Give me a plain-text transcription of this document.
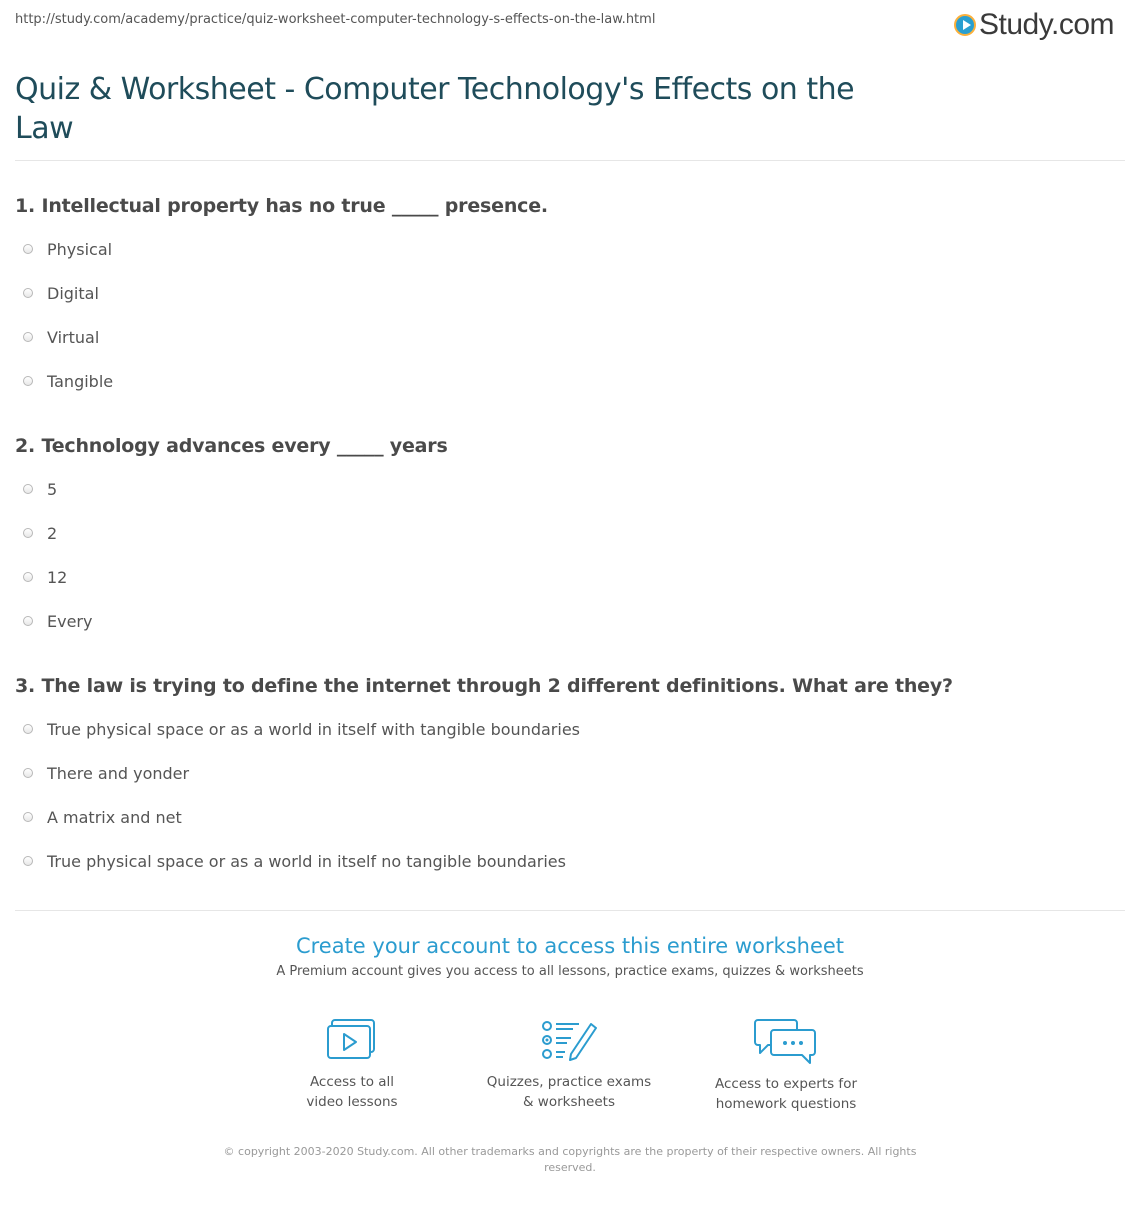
http://study.com/academy/practice/quiz-worksheet-computer-technology-s-effects-on-the-law.html	Study.com
Quiz & Worksheet - Computer Technology's Effects on the Law

1. Intellectual property has no true _____ presence.

Physical
Digital
Virtual
Tangible

2. Technology advances every _____ years

5
2
12
Every

3. The law is trying to define the internet through 2 different definitions. What are they?

True physical space or as a world in itself with tangible boundaries
There and yonder
A matrix and net
True physical space or as a world in itself no tangible boundaries
Create your account to access this entire worksheet
A Premium account gives you access to all lessons, practice exams, quizzes & worksheets
Access to all
video lessons
Quizzes, practice exams
& worksheets
Access to experts for
homework questions
© copyright 2003-2020 Study.com. All other trademarks and copyrights are the property of their respective owners. All rights reserved.
